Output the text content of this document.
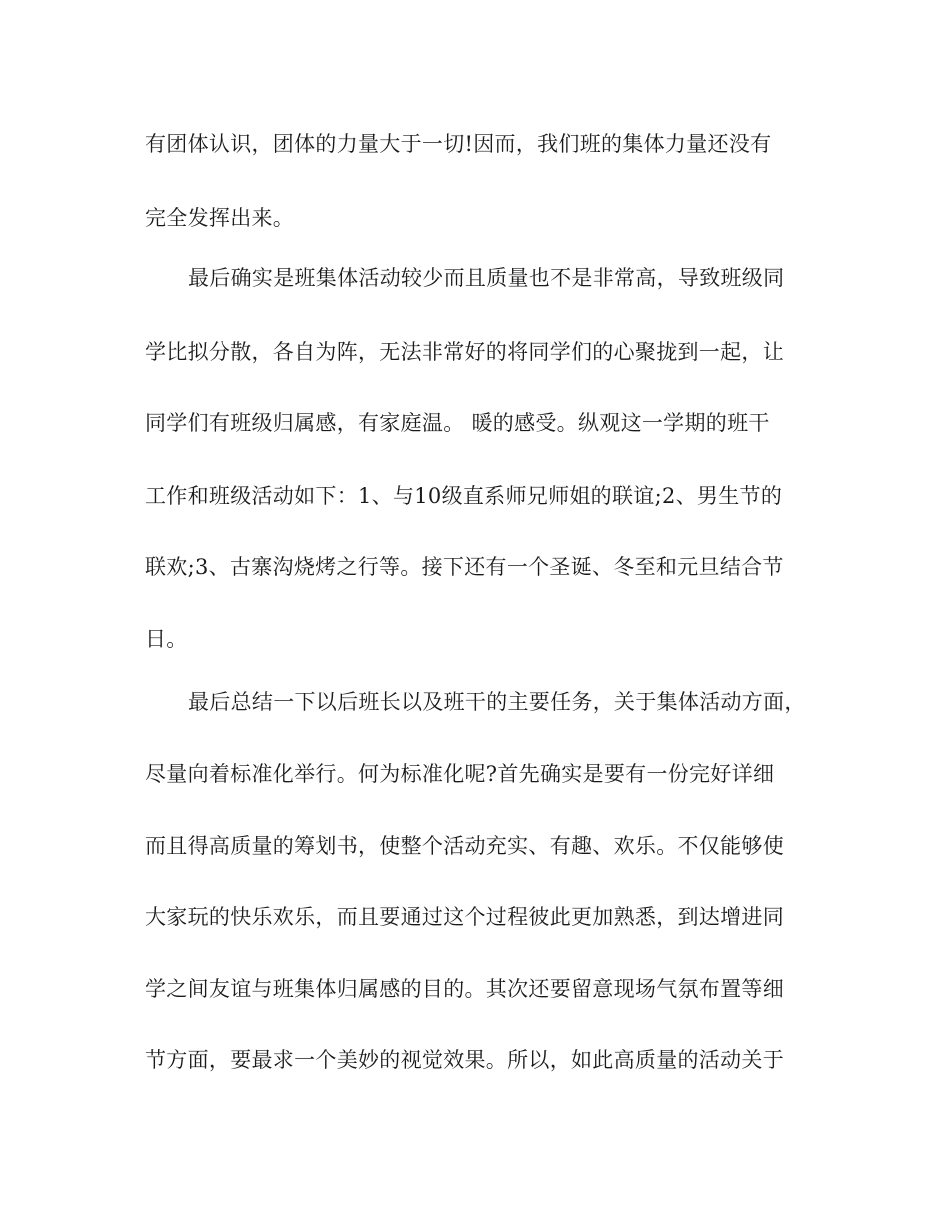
有团体认识，团体的力量大于一切!因而，我们班的集体力量还没有
完全发挥出来。
最后确实是班集体活动较少而且质量也不是非常高，导致班级同
学比拟分散，各自为阵，无法非常好的将同学们的心聚拢到一起，让
同学们有班级归属感，有家庭温。 暖的感受。纵观这一学期的班干
工作和班级活动如下：1、与10级直系师兄师姐的联谊;2、男生节的
联欢;3、古寨沟烧烤之行等。接下还有一个圣诞、冬至和元旦结合节
日。
最后总结一下以后班长以及班干的主要任务，关于集体活动方面，
尽量向着标准化举行。何为标准化呢?首先确实是要有一份完好详细
而且得高质量的筹划书，使整个活动充实、有趣、欢乐。不仅能够使
大家玩的快乐欢乐，而且要通过这个过程彼此更加熟悉，到达增进同
学之间友谊与班集体归属感的目的。其次还要留意现场气氛布置等细
节方面，要最求一个美妙的视觉效果。所以，如此高质量的活动关于
